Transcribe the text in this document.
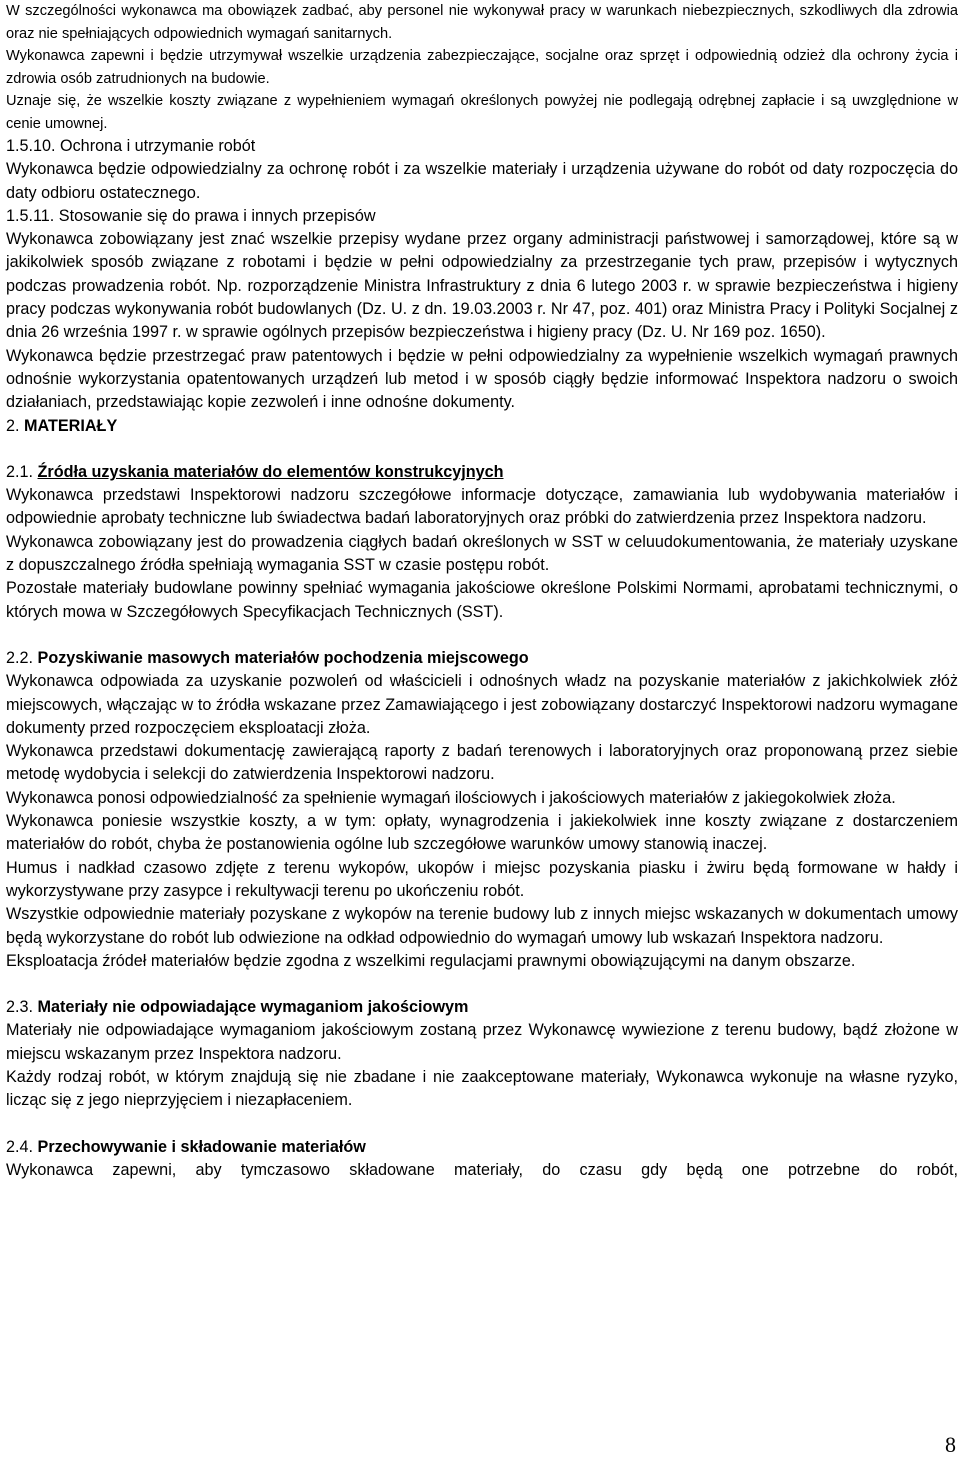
W szczególności wykonawca ma obowiązek zadbać, aby personel nie wykonywał pracy w warunkach niebezpiecznych, szkodliwych dla zdrowia oraz nie spełniających odpowiednich wymagań sanitarnych.

Wykonawca zapewni i będzie utrzymywał wszelkie urządzenia zabezpieczające, socjalne oraz sprzęt i odpowiednią odzież dla ochrony życia i zdrowia osób zatrudnionych na budowie.

Uznaje się, że wszelkie koszty związane z wypełnieniem wymagań określonych powyżej nie podlegają odrębnej zapłacie i są uwzględnione w cenie umownej.

1.5.10. Ochrona i utrzymanie robót

Wykonawca będzie odpowiedzialny za ochronę robót i za wszelkie materiały i urządzenia używane do robót od daty rozpoczęcia do daty odbioru ostatecznego.

1.5.11. Stosowanie się do prawa i innych przepisów

Wykonawca zobowiązany jest znać wszelkie przepisy wydane przez organy administracji państwowej i samorządowej, które są w jakikolwiek sposób związane z robotami i będzie w pełni odpowiedzialny za przestrzeganie tych praw, przepisów i wytycznych podczas prowadzenia robót. Np. rozporządzenie Ministra Infrastruktury z dnia 6 lutego 2003 r. w sprawie bezpieczeństwa i higieny pracy podczas wykonywania robót budowlanych (Dz. U. z dn. 19.03.2003 r. Nr 47, poz. 401) oraz Ministra Pracy i Polityki Socjalnej z dnia 26 września 1997 r. w sprawie ogólnych przepisów bezpieczeństwa i higieny pracy (Dz. U. Nr 169 poz. 1650).

Wykonawca będzie przestrzegać praw patentowych i będzie w pełni odpowiedzialny za wypełnienie wszelkich wymagań prawnych odnośnie wykorzystania opatentowanych urządzeń lub metod i w sposób ciągły będzie informować Inspektora nadzoru o swoich działaniach, przedstawiając kopie zezwoleń i inne odnośne dokumenty.

2. MATERIAŁY

2.1. Źródła uzyskania materiałów do elementów konstrukcyjnych

Wykonawca przedstawi Inspektorowi nadzoru szczegółowe informacje dotyczące, zamawiania lub wydobywania materiałów i odpowiednie aprobaty techniczne lub świadectwa badań laboratoryjnych oraz próbki do zatwierdzenia przez Inspektora nadzoru.

Wykonawca zobowiązany jest do prowadzenia ciągłych badań określonych w SST w celuudokumentowania, że materiały uzyskane z dopuszczalnego źródła spełniają wymagania SST w czasie postępu robót.

Pozostałe materiały budowlane powinny spełniać wymagania jakościowe określone Polskimi Normami, aprobatami technicznymi, o których mowa w Szczegółowych Specyfikacjach Technicznych (SST).

2.2. Pozyskiwanie masowych materiałów pochodzenia miejscowego

Wykonawca odpowiada za uzyskanie pozwoleń od właścicieli i odnośnych władz na pozyskanie materiałów z jakichkolwiek złóż miejscowych, włączając w to źródła wskazane przez Zamawiającego i jest zobowiązany dostarczyć Inspektorowi nadzoru wymagane dokumenty przed rozpoczęciem eksploatacji złoża.

Wykonawca przedstawi dokumentację zawierającą raporty z badań terenowych i laboratoryjnych oraz proponowaną przez siebie metodę wydobycia i selekcji do zatwierdzenia Inspektorowi nadzoru.

Wykonawca ponosi odpowiedzialność za spełnienie wymagań ilościowych i jakościowych materiałów z jakiegokolwiek złoża.

Wykonawca poniesie wszystkie koszty, a w tym: opłaty, wynagrodzenia i jakiekolwiek inne koszty związane z dostarczeniem materiałów do robót, chyba że postanowienia ogólne lub szczegółowe warunków umowy stanowią inaczej.

Humus i nadkład czasowo zdjęte z terenu wykopów, ukopów i miejsc pozyskania piasku i żwiru będą formowane w hałdy i wykorzystywane przy zasypce i rekultywacji terenu po ukończeniu robót.

Wszystkie odpowiednie materiały pozyskane z wykopów na terenie budowy lub z innych miejsc wskazanych w dokumentach umowy będą wykorzystane do robót lub odwiezione na odkład odpowiednio do wymagań umowy lub wskazań Inspektora nadzoru.

Eksploatacja źródeł materiałów będzie zgodna z wszelkimi regulacjami prawnymi obowiązującymi na danym obszarze.

2.3. Materiały nie odpowiadające wymaganiom jakościowym

Materiały nie odpowiadające wymaganiom jakościowym zostaną przez Wykonawcę wywiezione z terenu budowy, bądź złożone w miejscu wskazanym przez Inspektora nadzoru.

Każdy rodzaj robót, w którym znajdują się nie zbadane i nie zaakceptowane materiały, Wykonawca wykonuje na własne ryzyko, licząc się z jego nieprzyjęciem i niezapłaceniem.

2.4. Przechowywanie i składowanie materiałów

Wykonawca zapewni, aby tymczasowo składowane materiały, do czasu gdy będą one potrzebne do robót,

8
